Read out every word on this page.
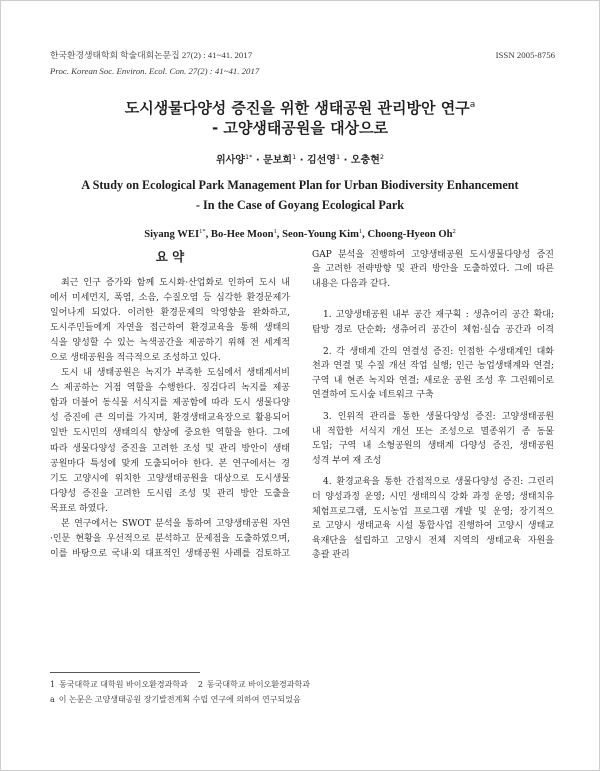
한국환경생태학회 학술대회논문집 27(2) : 41~41. 2017	ISSN 2005-8756
Proc. Korean Soc. Environ. Ecol. Con. 27(2) : 41~41. 2017
도시생물다양성 증진을 위한 생태공원 관리방안 연구$^a$
- 고양생태공원을 대상으로
위사양$^{1*}$ · 문보희$^1$ · 김선영$^1$ · 오충현$^2$
A Study on Ecological Park Management Plan for Urban Biodiversity Enhancement
- In the Case of Goyang Ecological Park
Siyang $WEI^{1*}$, Bo-Hee Moon$^1$, Seon-Young Kim$^1$, Choong-Hyeon Oh$^2$
요 약
최근 인구 증가와 함께 도시화·산업화로 인하여 도시 내
에서 미세먼지, 폭염, 소음, 수질오염 등 심각한 환경문제가
일어나게 되었다. 이러한 환경문제의 악영향을 완화하고,
도시주민들에게 자연을 접근하여 환경교육을 통해 생태의
식을 양성할 수 있는 녹색공간을 제공하기 위해 전 세계적
으로 생태공원을 적극적으로 조성하고 있다.
도시 내 생태공원은 녹지가 부족한 도심에서 생태계서비
스 제공하는 거점 역할을 수행한다. 징검다리 녹지를 제공
함과 더불어 동식물 서식지를 제공함에 따라 도시 생물다양
성 증진에 큰 의미를 가지며, 환경생태교육장으로 활용되어
일반 도시민의 생태의식 향상에 중요한 역할을 한다. 그에
따라 생물다양성 증진을 고려한 조성 및 관리 방안이 생태
공원마다 특성에 맞게 도출되어야 한다. 본 연구에서는 경
기도 고양시에 위치한 고양생태공원을 대상으로 도시생물
다양성 증진을 고려한 도시림 조성 및 관리 방안 도출을
목표로 하였다.
본 연구에서는 SWOT 분석을 통하여 고양생태공원 자연
·인문 현황을 우선적으로 분석하고 문제점을 도출하였으며,
이를 바탕으로 국내·외 대표적인 생태공원 사례를 검토하고
GAP 분석을 진행하여 고양생태공원 도시생물다양성 증진
을 고려한 전략방향 및 관리 방안을 도출하였다. 그에 따른
내용은 다음과 같다.
1. 고양생태공원 내부 공간 재구획 : 생츄어리 공간 확대;
탐방 경로 단순화; 생츄어리 공간이 체험·실습 공간과 이격
2. 각 생태계 간의 연결성 증진: 인접한 수생태계인 대화
천과 연결 및 수질 개선 작업 실행; 인근 농업생태계와 연결;
구역 내 현존 녹지와 연결; 새로운 공원 조성 후 그린웨이로
연결하여 도시숲 네트워크 구축
3. 인위적 관리를 통한 생물다양성 증진: 고양생태공원
내 적합한 서식지 개선 또는 조성으로 멸종위기 종 동물
도입; 구역 내 소형공원의 생태계 다양성 증진, 생태공원
성격 부여 재 조성
4. 환경교육을 통한 간접적으로 생물다양성 증진: 그린리
더 양성과정 운영; 시민 생태의식 강화 과정 운영; 생태치유
체험프로그램, 도시농업 프로그램 개발 및 운영; 장기적으
로 고양시 생태교육 시설 통합사업 진행하여 고양시 생태교
육재단을 설립하고 고양시 전체 지역의 생태교육 자원을
총괄 관리
1 동국대학교 대학원 바이오환경과학과 2 동국대학교 바이오환경과학과
a 이 논문은 고양생태공원 장기발전계획 수립 연구에 의하여 연구되었음
